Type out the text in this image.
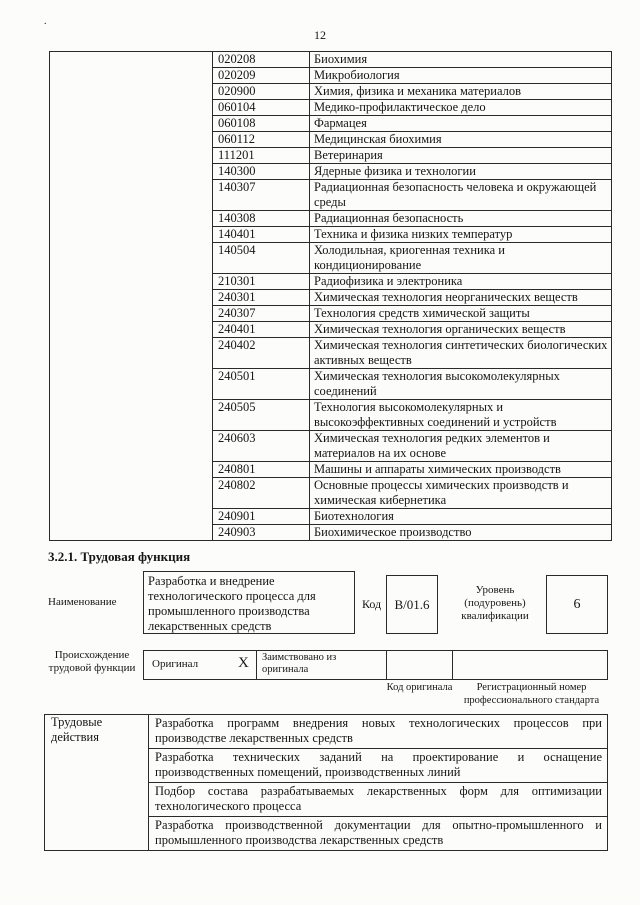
.
12
	020208	Биохимия
	020209	Микробиология
	020900	Химия, физика и механика материалов
	060104	Медико-профилактическое дело
	060108	Фармацея
	060112	Медицинская биохимия
	111201	Ветеринария
	140300	Ядерные физика и технологии
	140307	Радиационная безопасность человека и окружающей среды
	140308	Радиационная безопасность
	140401	Техника и физика низких температур
	140504	Холодильная, криогенная техника и кондиционирование
	210301	Радиофизика и электроника
	240301	Химическая технология неорганических веществ
	240307	Технология средств химической защиты
	240401	Химическая технология органических веществ
	240402	Химическая технология синтетических биологических активных веществ
	240501	Химическая технология высокомолекулярных соединений
	240505	Технология высокомолекулярных и высокоэффективных соединений и устройств
	240603	Химическая технология редких элементов и материалов на их основе
	240801	Машины и аппараты химических производств
	240802	Основные процессы химических производств и химическая кибернетика
	240901	Биотехнология
	240903	Биохимическое производство
3.2.1. Трудовая функция
Наименование
Разработка и внедрение технологического процесса для промышленного производства лекарственных средств
Код	B/01.6
Уровень (подуровень) квалификации
6
Происхождение трудовой функции	Оригинал	X	Заимствовано из оригинала
Код оригинала	Регистрационный номер профессионального стандарта
Трудовые действия	Разработка программ внедрения новых технологических процессов при производстве лекарственных средств
Разработка технических заданий на проектирование и оснащение производственных помещений, производственных линий
Подбор состава разрабатываемых лекарственных форм для оптимизации технологического процесса
Разработка производственной документации для опытно-промышленного и промышленного производства лекарственных средств
